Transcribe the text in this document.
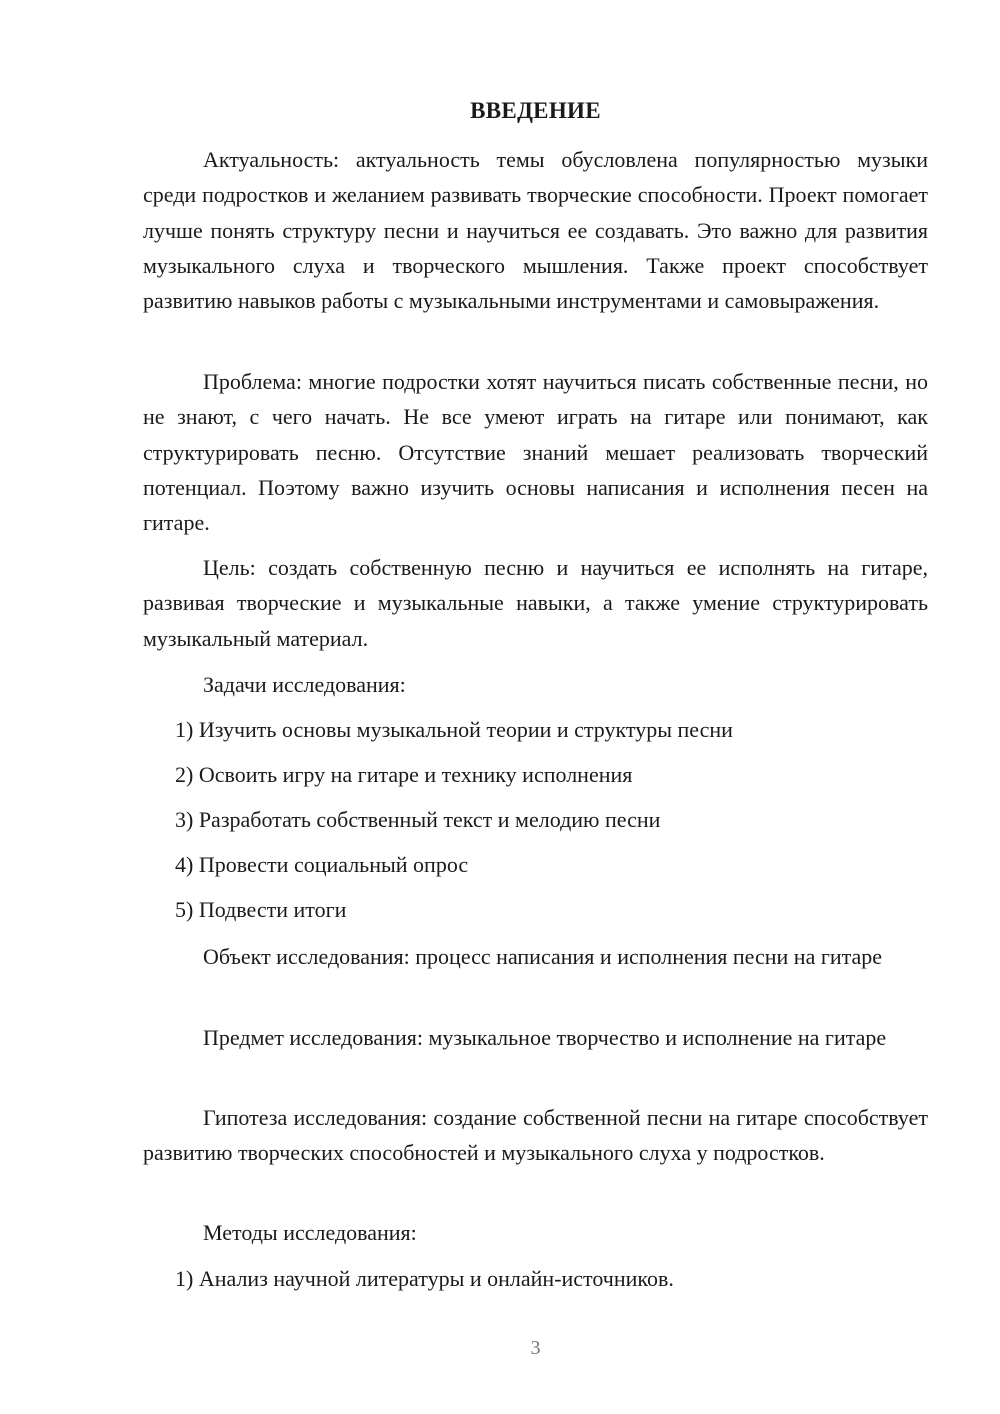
ВВЕДЕНИЕ

Актуальность: актуальность темы обусловлена популярностью музыки среди подростков и желанием развивать творческие способности. Проект помогает лучше понять структуру песни и научиться ее создавать. Это важно для развития музыкального слуха и творческого мышления. Также проект способствует развитию навыков работы с музыкальными инструментами и самовыражения.

Проблема: многие подростки хотят научиться писать собственные песни, но не знают, с чего начать. Не все умеют играть на гитаре или понимают, как структурировать песню. Отсутствие знаний мешает реализовать творческий потенциал. Поэтому важно изучить основы написания и исполнения песен на гитаре.

Цель: создать собственную песню и научиться ее исполнять на гитаре, развивая творческие и музыкальные навыки, а также умение структурировать музыкальный материал.

Задачи исследования:
1) Изучить основы музыкальной теории и структуры песни
2) Освоить игру на гитаре и технику исполнения
3) Разработать собственный текст и мелодию песни
4) Провести социальный опрос
5) Подвести итоги

Объект исследования: процесс написания и исполнения песни на гитаре

Предмет исследования: музыкальное творчество и исполнение на гитаре

Гипотеза исследования: создание собственной песни на гитаре способствует развитию творческих способностей и музыкального слуха у подростков.

Методы исследования:
1) Анализ научной литературы и онлайн-источников.
3
